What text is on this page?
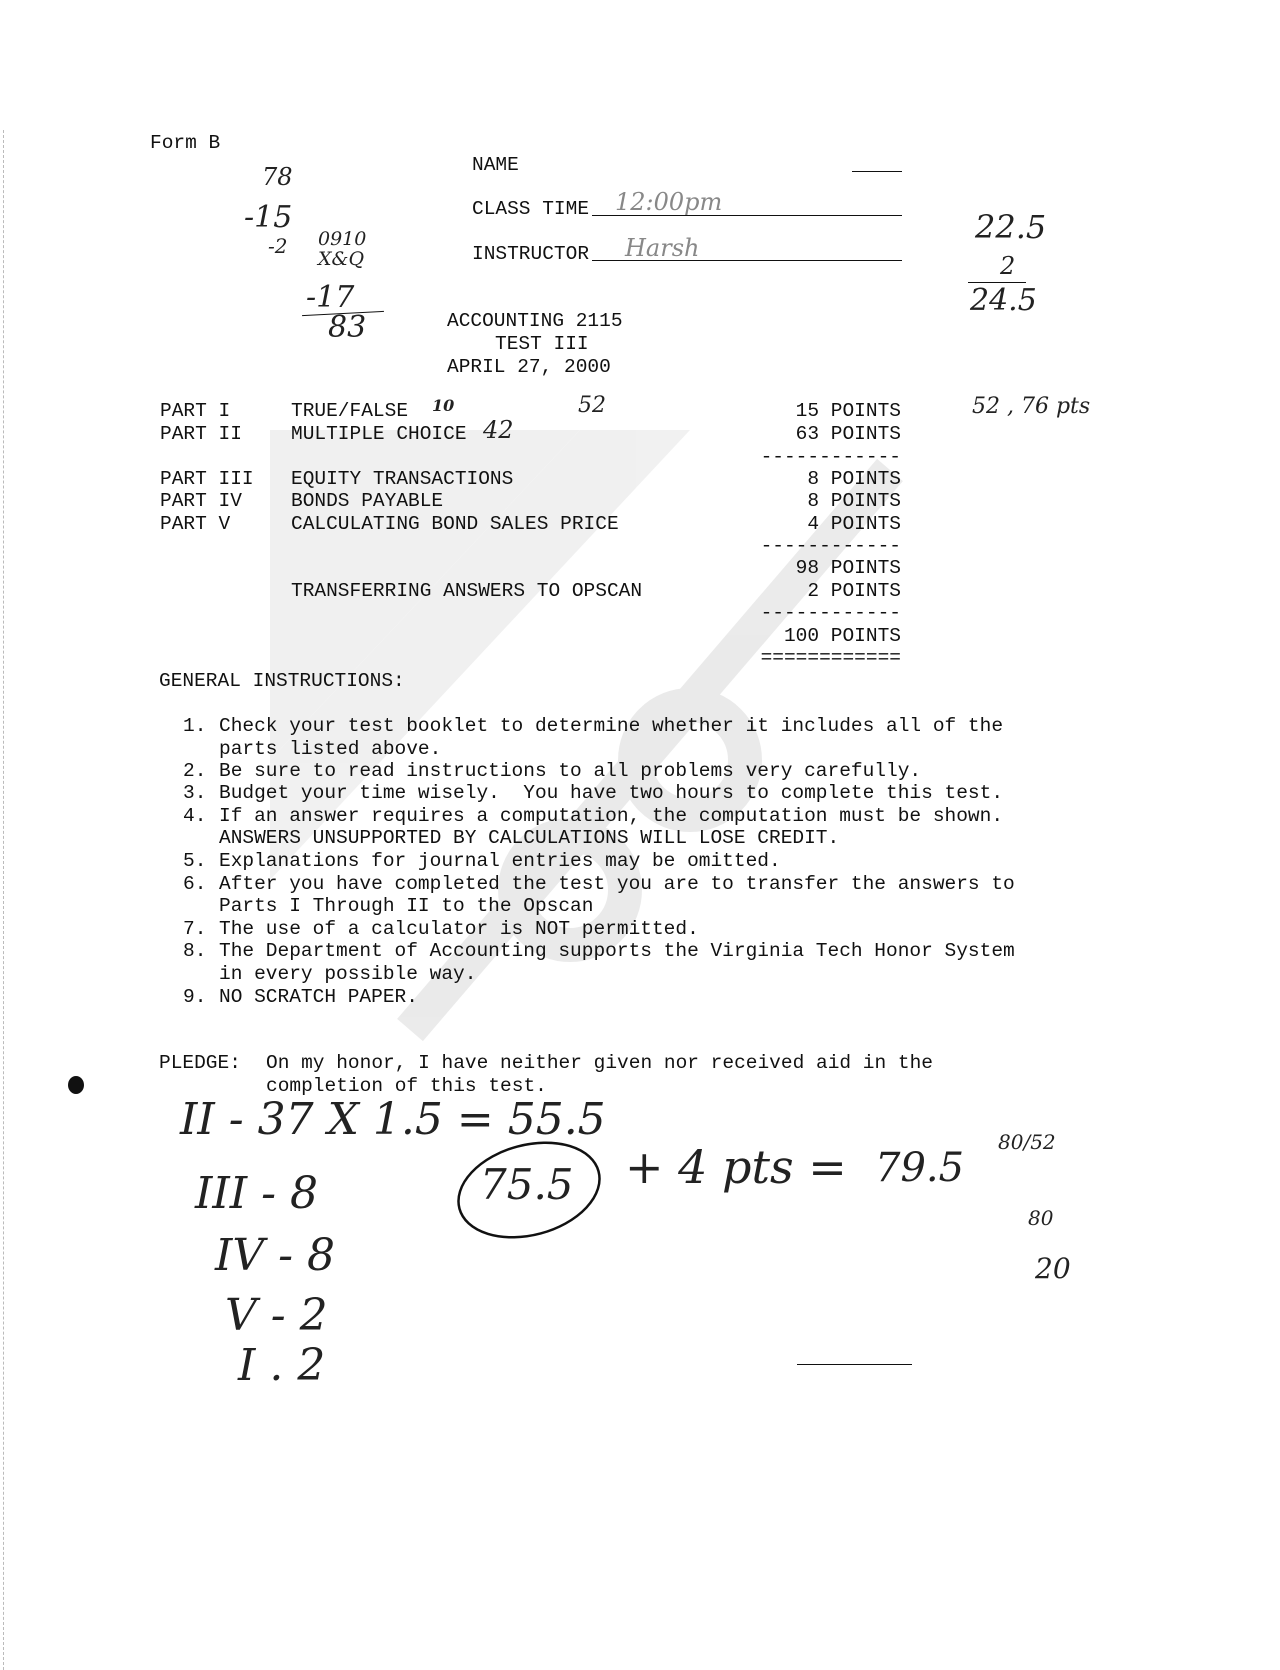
Form B
NAME
CLASS TIME 12:00pm
INSTRUCTOR Harsh
ACCOUNTING 2115
TEST III
APRIL 27, 2000
PART I	TRUE/FALSE	15 POINTS
PART II	MULTIPLE CHOICE	63 POINTS
------------
PART III EQUITY TRANSACTIONS	8 POINTS
PART IV	BONDS PAYABLE	8 POINTS
PART V	CALCULATING BOND SALES PRICE	4 POINTS
------------
98 POINTS
TRANSFERRING ANSWERS TO OPSCAN	2 POINTS
------------
100 POINTS
============
GENERAL INSTRUCTIONS:
1. Check your test booklet to determine whether it includes all of the
parts listed above.
2. Be sure to read instructions to all problems very carefully.
3. Budget your time wisely.  You have two hours to complete this test.
4. If an answer requires a computation, the computation must be shown.
ANSWERS UNSUPPORTED BY CALCULATIONS WILL LOSE CREDIT.
5. Explanations for journal entries may be omitted.
6. After you have completed the test you are to transfer the answers to
Parts I Through II to the Opscan
7. The use of a calculator is NOT permitted.
8. The Department of Accounting supports the Virginia Tech Honor System
in every possible way.
9. NO SCRATCH PAPER.
PLEDGE: On my honor, I have neither given nor received aid in the
completion of this test.
78
-15
-2 0910
X&Q
-17
83
22.5
2
24.5
10	52
42
52 , 76 pts
II - 37 X 1.5 = 55.5
III - 8
IV - 8
V - 2
I . 2
75.5 + 4 pts = 79.5
80/52
80
20
